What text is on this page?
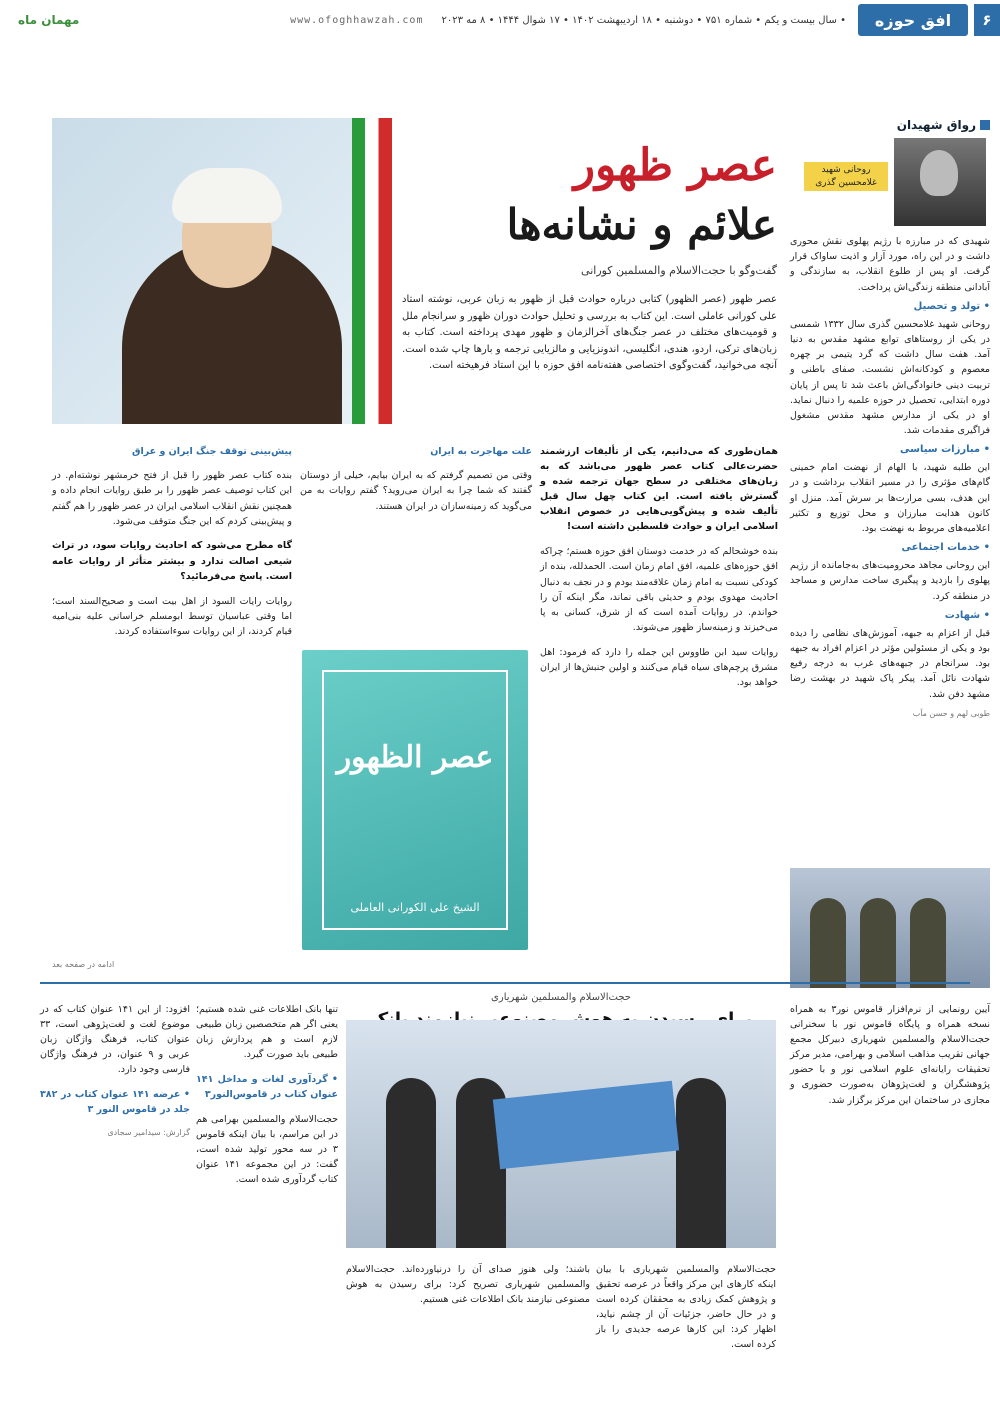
۶
افق حوزه
• سال بیست و یکم • شماره ۷۵۱ • دوشنبه • ۱۸ اردیبهشت ۱۴۰۲ • ۱۷ شوال ۱۴۴۴ • ۸ مه ۲۰۲۳
www.ofoghhawzah.com
مهمان ماه
رواق شهیدان
روحانی شهید غلامحسین گذری
شهیدی که در مبارزه با رژیم پهلوی نقش محوری داشت و در این راه، مورد آزار و اذیت ساواک قرار گرفت. او پس از طلوع انقلاب، به سازندگی و آبادانی منطقه زندگی‌اش پرداخت.
• تولد و تحصیل
روحانی شهید غلامحسین گذری سال ۱۳۳۲ شمسی در یکی از روستاهای توابع مشهد مقدس به دنیا آمد. هفت سال داشت که گرد یتیمی بر چهره معصوم و کودکانه‌اش نشست. صفای باطنی و تربیت دینی خانوادگی‌اش باعث شد تا پس از پایان دوره ابتدایی، تحصیل در حوزه علمیه را دنبال نماید. او در یکی از مدارس مشهد مقدس مشغول فراگیری مقدمات شد.
• مبارزات سیاسی
این طلبه شهید، با الهام از نهضت امام خمینی گام‌های مؤثری را در مسیر انقلاب برداشت و در این هدف، بسی مرارت‌ها بر سرش آمد. منزل او کانون هدایت مبارزان و محل توزیع و تکثیر اعلامیه‌های مربوط به نهضت بود.
• خدمات اجتماعی
این روحانی مجاهد محرومیت‌های به‌جامانده از رژیم پهلوی را بازدید و پیگیری ساخت مدارس و مساجد در منطقه کرد.
• شهادت
قبل از اعزام به جبهه، آموزش‌های نظامی را دیده بود و یکی از مسئولین مؤثر در اعزام افراد به جبهه بود. سرانجام در جبهه‌های غرب به درجه رفیع شهادت نائل آمد. پیکر پاک شهید در بهشت رضا مشهد دفن شد.
طوبی لهم و حسن مآب
عصر ظهور
علائم و نشانه‌ها
گفت‌وگو با حجت‌الاسلام والمسلمین کورانی
عصر ظهور (عصر الظهور) کتابی درباره حوادث قبل از ظهور به زبان عربی، نوشته استاد علی کورانی عاملی است. این کتاب به بررسی و تحلیل حوادث دوران ظهور و سرانجام ملل و قومیت‌های مختلف در عصر جنگ‌های آخرالزمان و ظهور مهدی پرداخته است. کتاب به زبان‌های ترکی، اردو، هندی، انگلیسی، اندونزیایی و مالزیایی ترجمه و بارها چاپ شده است. آنچه می‌خوانید، گفت‌وگوی اختصاصی هفته‌نامه افق حوزه با این استاد فرهیخته است.

همان‌طوری که می‌دانیم، یکی از تألیفات ارزشمند حضرت‌عالی کتاب عصر ظهور می‌باشد که به زبان‌های مختلفی در سطح جهان ترجمه شده و گسترش یافته است. این کتاب چهل سال قبل تألیف شده و پیش‌گویی‌هایی در خصوص انقلاب اسلامی ایران و حوادث فلسطین داشته است!

بنده خوشحالم که در خدمت دوستان افق حوزه هستم؛ چراکه افق حوزه‌های علمیه، افق امام زمان است. الحمدلله، بنده از کودکی نسبت به امام زمان علاقه‌مند بودم و در نجف به دنبال احادیث مهدوی بودم و حدیثی باقی نماند، مگر اینکه آن را خواندم. در روایات آمده است که از شرق، کسانی به پا می‌خیزند و زمینه‌ساز ظهور می‌شوند.

روایات سید ابن طاووس این جمله را دارد که فرمود: اهل مشرق پرچم‌های سیاه قیام می‌کنند و اولین جنبش‌ها از ایران خواهد بود.

علت مهاجرت به ایران

وقتی من تصمیم گرفتم که به ایران بیایم، خیلی از دوستان گفتند که شما چرا به ایران می‌روید؟ گفتم روایات به من می‌گوید که زمینه‌سازان در ایران هستند.

عصر الظهور
الشیخ علی الکورانی العاملی

پیش‌بینی توقف جنگ ایران و عراق

بنده کتاب عصر ظهور را قبل از فتح خرمشهر نوشته‌ام. در این کتاب توصیف عصر ظهور را بر طبق روایات انجام داده و همچنین نقش انقلاب اسلامی ایران در عصر ظهور را هم گفتم و پیش‌بینی کردم که این جنگ متوقف می‌شود.

گاه مطرح می‌شود که احادیث روایات سود، در تراث شیعی اصالت ندارد و بیشتر متأثر از روایات عامه است. پاسخ می‌فرمائید؟

روایات رایات السود از اهل بیت است و صحیح‌السند است؛ اما وقتی عباسیان توسط ابومسلم خراسانی علیه بنی‌امیه قیام کردند، از این روایات سوءاستفاده کردند.

ادامه در صفحه بعد
حجت‌الاسلام والمسلمین شهریاری

آیین رونمایی از نرم‌افزار قاموس نور۳ به همراه نسخه همراه و پایگاه قاموس نور با سخنرانی حجت‌الاسلام والمسلمین شهریاری دبیرکل مجمع جهانی تقریب مذاهب اسلامی و بهرامی، مدیر مرکز تحقیقات رایانه‌ای علوم اسلامی نور و با حضور پژوهشگران و لغت‌پژوهان به‌صورت حضوری و مجازی در ساختمان این مرکز برگزار شد.

حجت‌الاسلام والمسلمین شهریاری با بیان اینکه کارهای این مرکز واقعاً در عرصه تحقیق و پژوهش کمک زیادی به محققان کرده است و در حال حاضر، جزئیات آن از چشم نیاید، اظهار کرد: این کارها عرصه جدیدی را باز کرده است.

باشند؛ ولی هنوز صدای آن را درنیاورده‌اند. حجت‌الاسلام والمسلمین شهریاری تصریح کرد: برای رسیدن به هوش مصنوعی نیازمند بانک اطلاعات غنی هستیم.

تنها بانک اطلاعات غنی شده هستیم؛ یعنی اگر هم متخصصین زبان طبیعی لازم است و هم پردازش زبان طبیعی باید صورت گیرد.

• گردآوری لغات و مداخل ۱۴۱ عنوان کتاب در قاموس‌النور۳

حجت‌الاسلام والمسلمین بهرامی هم در این مراسم، با بیان اینکه قاموس ۳ در سه محور تولید شده است، گفت: در این مجموعه ۱۴۱ عنوان کتاب گردآوری شده است.

افزود: از این ۱۴۱ عنوان کتاب که در موضوع لغت و لغت‌پژوهی است، ۳۳ عنوان کتاب، فرهنگ واژگان زبان عربی و ۹ عنوان، در فرهنگ واژگان فارسی وجود دارد.

• عرضه ۱۴۱ عنوان کتاب در ۳۸۲ جلد در قاموس النور ۳

گزارش: سیدامیر سجادی
